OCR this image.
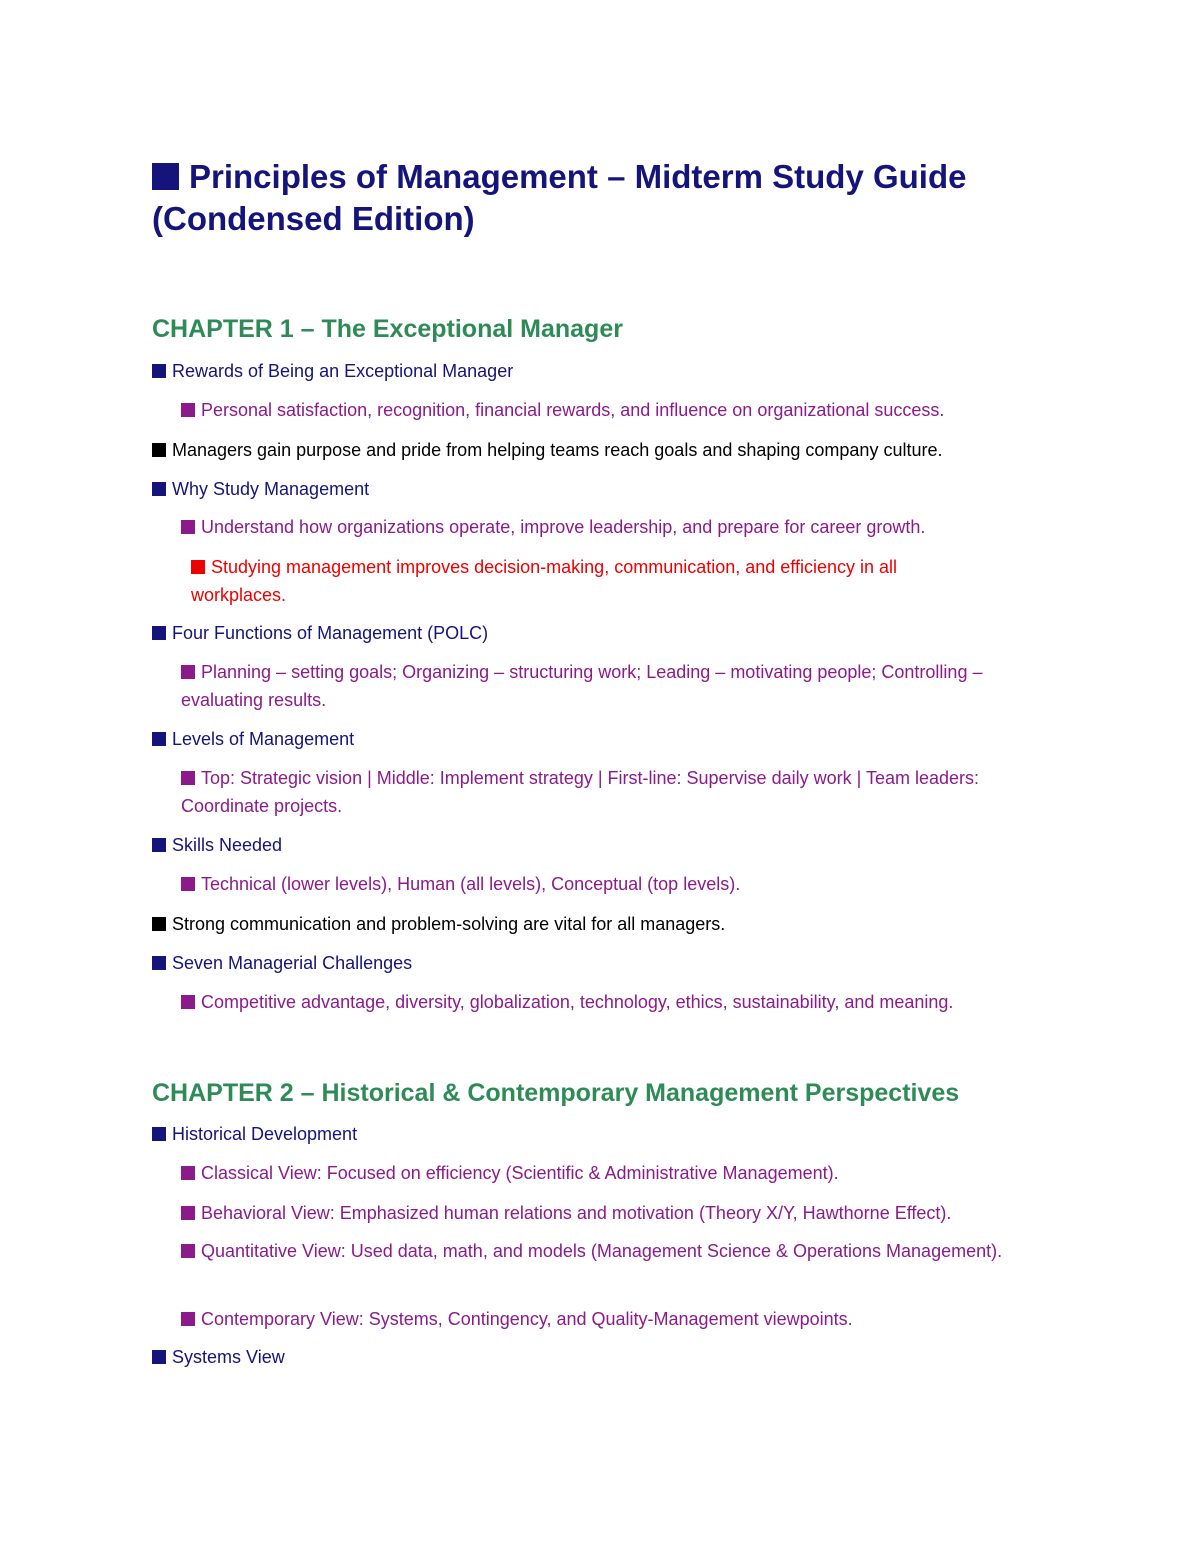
Principles of Management – Midterm Study Guide (Condensed Edition)
CHAPTER 1 – The Exceptional Manager

Rewards of Being an Exceptional Manager

Personal satisfaction, recognition, financial rewards, and influence on organizational success.

Managers gain purpose and pride from helping teams reach goals and shaping company culture.

Why Study Management

Understand how organizations operate, improve leadership, and prepare for career growth.

Studying management improves decision-making, communication, and efficiency in all workplaces.

Four Functions of Management (POLC)

Planning – setting goals; Organizing – structuring work; Leading – motivating people; Controlling – evaluating results.

Levels of Management

Top: Strategic vision | Middle: Implement strategy | First-line: Supervise daily work | Team leaders: Coordinate projects.

Skills Needed

Technical (lower levels), Human (all levels), Conceptual (top levels).

Strong communication and problem-solving are vital for all managers.

Seven Managerial Challenges

Competitive advantage, diversity, globalization, technology, ethics, sustainability, and meaning.

CHAPTER 2 – Historical & Contemporary Management Perspectives

Historical Development

Classical View: Focused on efficiency (Scientific & Administrative Management).

Behavioral View: Emphasized human relations and motivation (Theory X/Y, Hawthorne Effect).

Quantitative View: Used data, math, and models (Management Science & Operations Management).

Contemporary View: Systems, Contingency, and Quality-Management viewpoints.

Systems View
